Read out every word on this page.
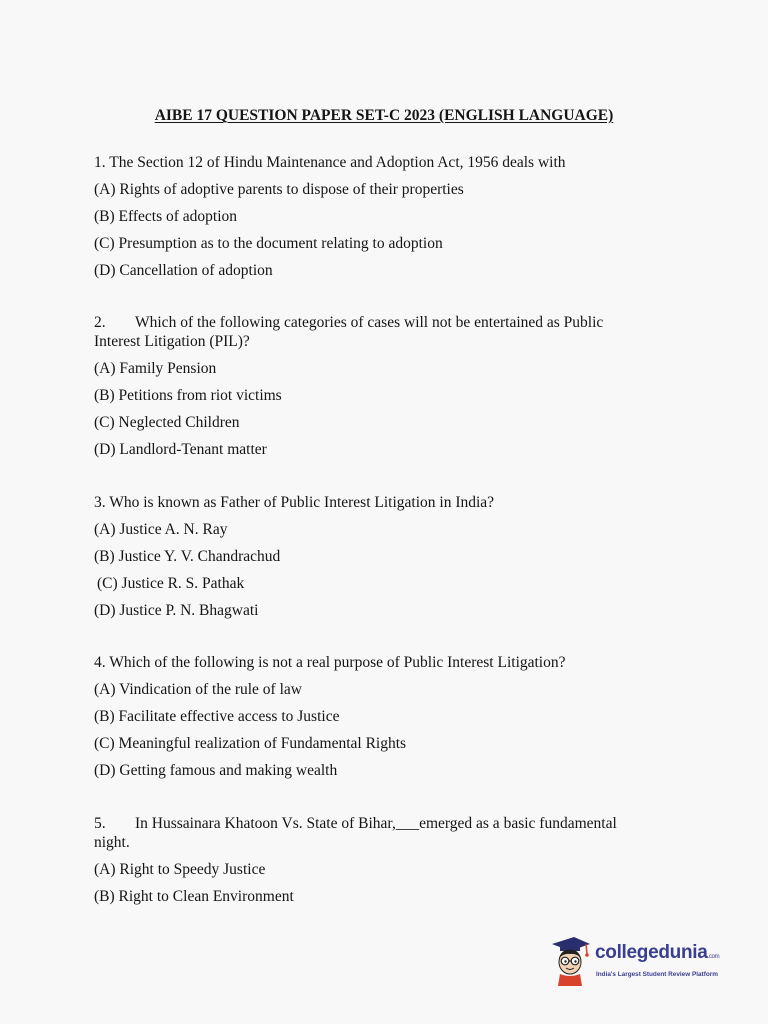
AIBE 17 QUESTION PAPER SET-C 2023 (ENGLISH LANGUAGE)

1. The Section 12 of Hindu Maintenance and Adoption Act, 1956 deals with

(A) Rights of adoptive parents to dispose of their properties

(B) Effects of adoption

(C) Presumption as to the document relating to adoption

(D) Cancellation of adoption

2. Which of the following categories of cases will not be entertained as Public

Interest Litigation (PIL)?

(A) Family Pension

(B) Petitions from riot victims

(C) Neglected Children

(D) Landlord-Tenant matter

3. Who is known as Father of Public Interest Litigation in India?

(A) Justice A. N. Ray

(B) Justice Y. V. Chandrachud

(C) Justice R. S. Pathak

(D) Justice P. N. Bhagwati

4. Which of the following is not a real purpose of Public Interest Litigation?

(A) Vindication of the rule of law

(B) Facilitate effective access to Justice

(C) Meaningful realization of Fundamental Rights

(D) Getting famous and making wealth

5. In Hussainara Khatoon Vs. State of Bihar,___emerged as a basic fundamental

night.

(A) Right to Speedy Justice

(B) Right to Clean Environment

collegedunia.com
India's Largest Student Review Platform
